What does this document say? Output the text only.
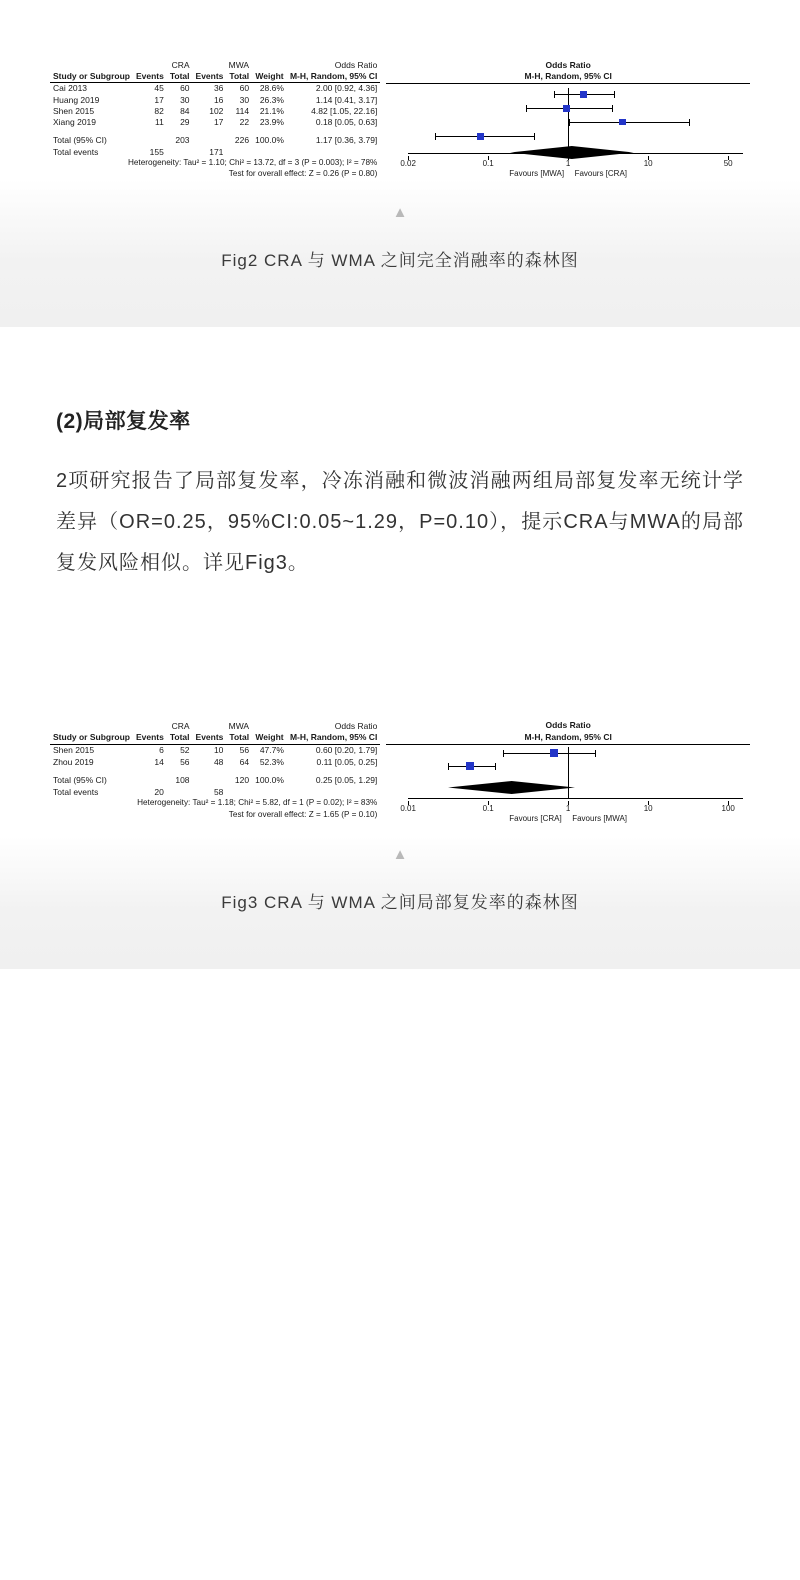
	CRA		MWA			Odds Ratio
Study or Subgroup	Events	Total	Events	Total	Weight	M-H, Random, 95% CI
Cai 2013	45	60	36	60	28.6%	2.00 [0.92, 4.36]
Huang 2019	17	30	16	30	26.3%	1.14 [0.41, 3.17]
Shen 2015	82	84	102	114	21.1%	4.82 [1.05, 22.16]
Xiang 2019	11	29	17	22	23.9%	0.18 [0.05, 0.63]

Total (95% CI)		203		226	100.0%	1.17 [0.36, 3.79]
Total events	155		171			
Heterogeneity: Tau² = 1.10; Chi² = 13.72, df = 3 (P = 0.003); I² = 78%						
Test for overall effect: Z = 0.26 (P = 0.80)						
Odds Ratio
M-H, Random, 95% CI
0.02	0.1	1	10	50
Favours [MWA] Favours [CRA]
▲
Fig2 CRA 与 WMA 之间完全消融率的森林图
(2)局部复发率

2项研究报告了局部复发率，冷冻消融和微波消融两组局部复发率无统计学差异（OR=0.25，95%CI:0.05~1.29，P=0.10），提示CRA与MWA的局部复发风险相似。详见Fig3。

	CRA		MWA			Odds Ratio
Study or Subgroup	Events	Total	Events	Total	Weight	M-H, Random, 95% CI
Shen 2015	6	52	10	56	47.7%	0.60 [0.20, 1.79]
Zhou 2019	14	56	48	64	52.3%	0.11 [0.05, 0.25]

Total (95% CI)		108		120	100.0%	0.25 [0.05, 1.29]
Total events	20		58			
Heterogeneity: Tau² = 1.18; Chi² = 5.82, df = 1 (P = 0.02); I² = 83%						
Test for overall effect: Z = 1.65 (P = 0.10)						
Odds Ratio
M-H, Random, 95% CI
0.01	0.1	1	10	100
Favours [CRA] Favours [MWA]
▲
Fig3 CRA 与 WMA 之间局部复发率的森林图
